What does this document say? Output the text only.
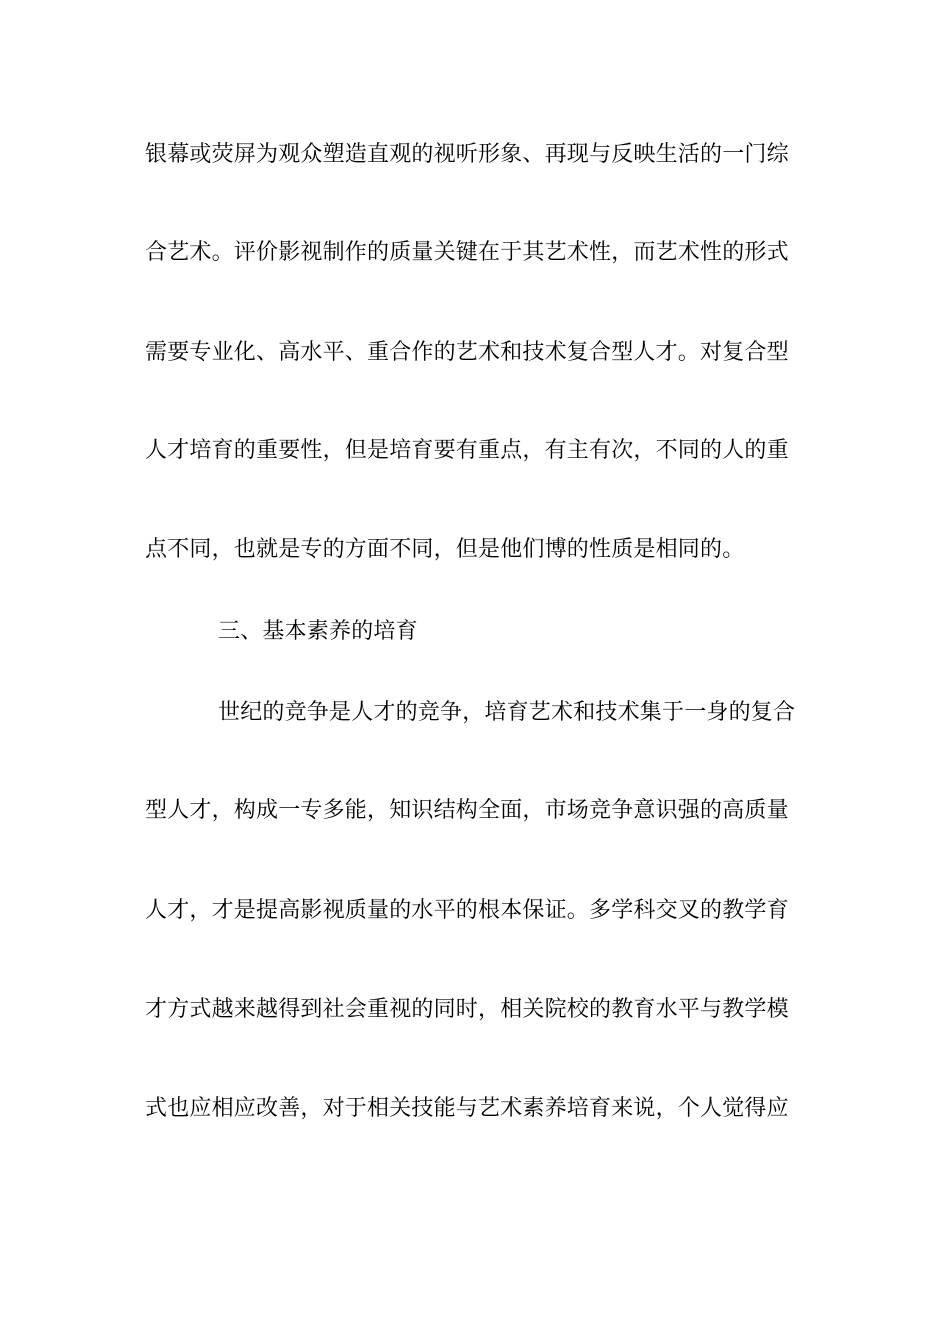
银幕或荧屏为观众塑造直观的视听形象、再现与反映生活的一门综
合艺术。评价影视制作的质量关键在于其艺术性，而艺术性的形式
需要专业化、高水平、重合作的艺术和技术复合型人才。对复合型
人才培育的重要性，但是培育要有重点，有主有次，不同的人的重
点不同，也就是专的方面不同，但是他们博的性质是相同的。
三、基本素养的培育
世纪的竞争是人才的竞争，培育艺术和技术集于一身的复合
型人才，构成一专多能，知识结构全面，市场竞争意识强的高质量
人才，才是提高影视质量的水平的根本保证。多学科交叉的教学育
才方式越来越得到社会重视的同时，相关院校的教育水平与教学模
式也应相应改善，对于相关技能与艺术素养培育来说，个人觉得应
